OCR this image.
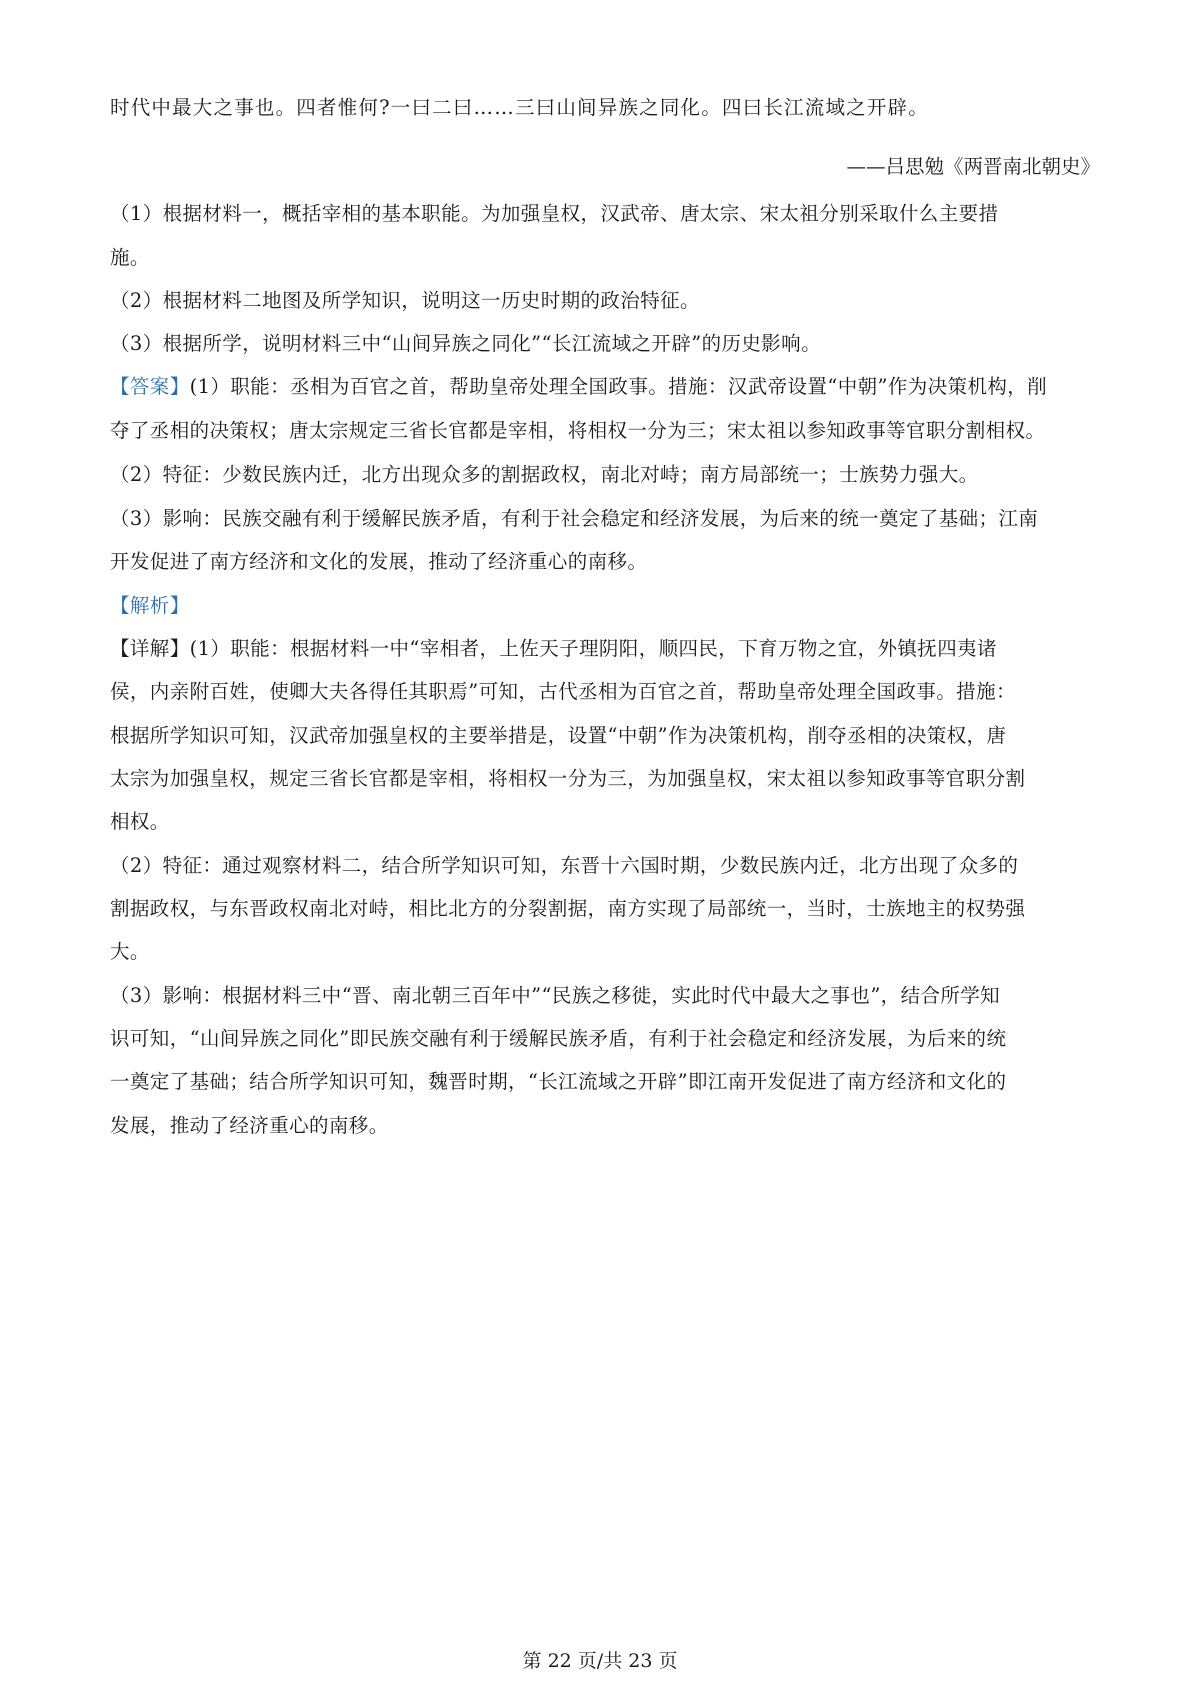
时代中最大之事也。四者惟何?一曰二曰……三曰山间异族之同化。四曰长江流域之开辟。
——吕思勉《两晋南北朝史》
（1）根据材料一，概括宰相的基本职能。为加强皇权，汉武帝、唐太宗、宋太祖分别采取什么主要措
施。
（2）根据材料二地图及所学知识，说明这一历史时期的政治特征。
（3）根据所学，说明材料三中“山间异族之同化”“长江流域之开辟”的历史影响。
【答案】(1）职能：丞相为百官之首，帮助皇帝处理全国政事。措施：汉武帝设置“中朝”作为决策机构，削
夺了丞相的决策权；唐太宗规定三省长官都是宰相，将相权一分为三；宋太祖以参知政事等官职分割相权。
（2）特征：少数民族内迁，北方出现众多的割据政权，南北对峙；南方局部统一；士族势力强大。
（3）影响：民族交融有利于缓解民族矛盾，有利于社会稳定和经济发展，为后来的统一奠定了基础；江南
开发促进了南方经济和文化的发展，推动了经济重心的南移。
【解析】
【详解】(1）职能：根据材料一中“宰相者，上佐天子理阴阳，顺四民，下育万物之宜，外镇抚四夷诸
侯，内亲附百姓，使卿大夫各得任其职焉”可知，古代丞相为百官之首，帮助皇帝处理全国政事。措施：
根据所学知识可知，汉武帝加强皇权的主要举措是，设置“中朝”作为决策机构，削夺丞相的决策权，唐
太宗为加强皇权，规定三省长官都是宰相，将相权一分为三，为加强皇权，宋太祖以参知政事等官职分割
相权。
（2）特征：通过观察材料二，结合所学知识可知，东晋十六国时期，少数民族内迁，北方出现了众多的
割据政权，与东晋政权南北对峙，相比北方的分裂割据，南方实现了局部统一，当时，士族地主的权势强
大。
（3）影响：根据材料三中“晋、南北朝三百年中”“民族之移徙，实此时代中最大之事也”，结合所学知
识可知，“山间异族之同化”即民族交融有利于缓解民族矛盾，有利于社会稳定和经济发展，为后来的统
一奠定了基础；结合所学知识可知，魏晋时期，“长江流域之开辟”即江南开发促进了南方经济和文化的
发展，推动了经济重心的南移。
第 22 页/共 23 页
